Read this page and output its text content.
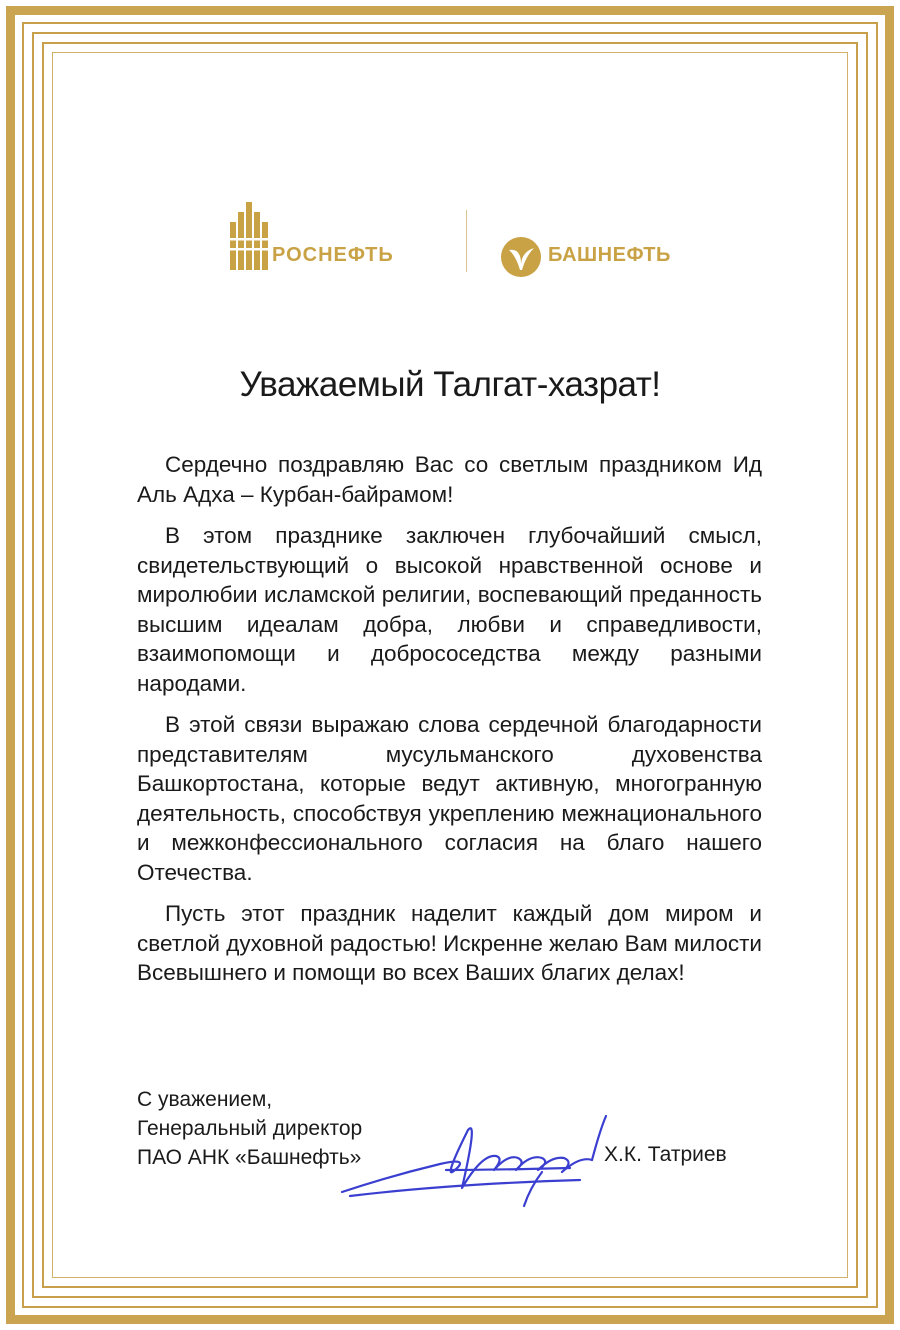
РОСНЕФТЬ	БАШНЕФТЬ
Уважаемый Талгат-хазрат!

Сердечно поздравляю Вас со светлым праздником Ид Аль Адха – Курбан-байрамом!

В этом празднике заключен глубочайший смысл, свидетельствующий о высокой нравственной основе и миролюбии исламской религии, воспевающий преданность высшим идеалам добра, любви и справедливости, взаимопомощи и добрососедства между разными народами.

В этой связи выражаю слова сердечной благодарности представителям мусульманского духовенства Башкортостана, которые ведут активную, многогранную деятельность, способствуя укреплению межнационального и межконфессионального согласия на благо нашего Отечества.

Пусть этот праздник наделит каждый дом миром и светлой духовной радостью! Искренне желаю Вам милости Всевышнего и помощи во всех Ваших благих делах!

С уважением,
Генеральный директор
ПАО АНК «Башнефть»	Х.К. Татриев
